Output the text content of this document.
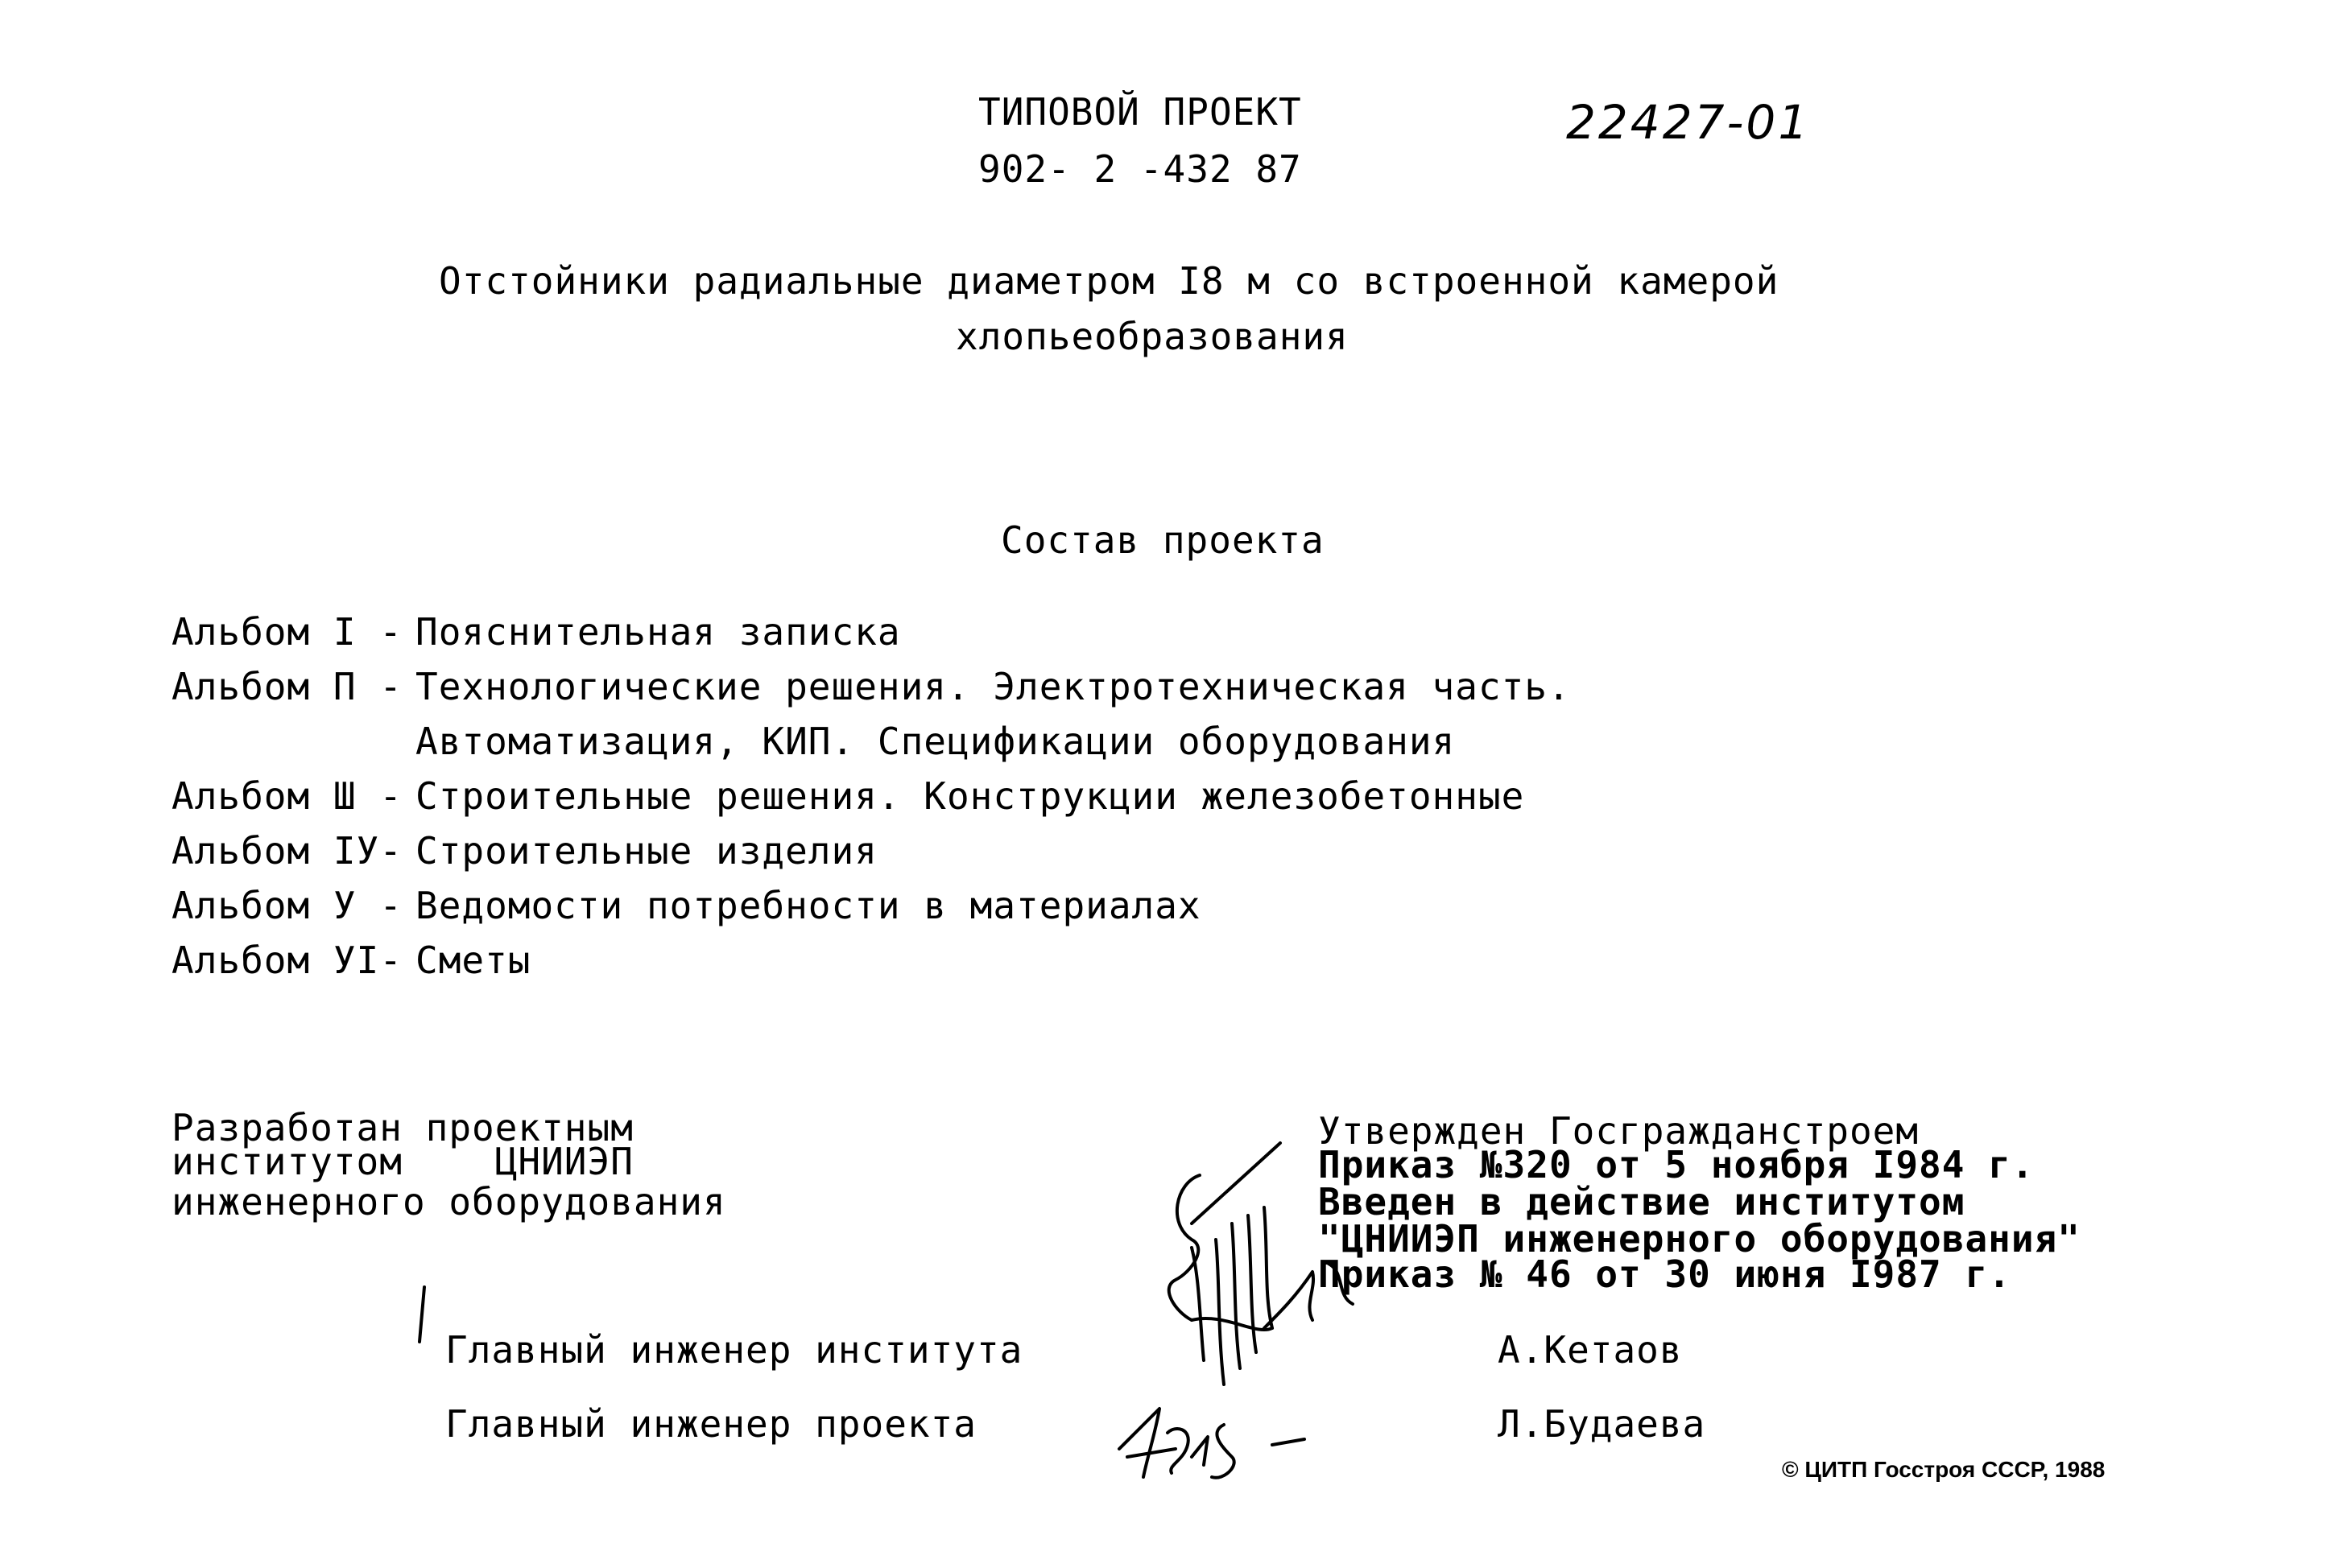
ТИПОВОЙ ПРОЕКТ
902- 2 -432 87
22427-01
Отстойники радиальные диаметром I8 м со встроенной камерой
хлопьеобразования
Состав проекта
Альбом I - Пояснительная записка
Альбом П - Технологические решения. Электротехническая часть.
Автоматизация, КИП. Спецификации оборудования
Альбом Ш - Строительные решения. Конструкции железобетонные
Альбом IУ- Строительные изделия
Альбом У - Ведомости потребности в материалах
Альбом УI- Сметы
Разработан проектным
институтом    ЦНИИЭП
инженерного оборудования
Утвержден Госгражданстроем
Приказ №320 от 5 ноября I984 г.
Введен в действие институтом
"ЦНИИЭП инженерного оборудования"
Приказ № 46 от 30 июня I987 г.
Главный инженер института	А.Кетаов
Главный инженер проекта	Л.Будаева
© ЦИТП Госстроя СССР, 1988
